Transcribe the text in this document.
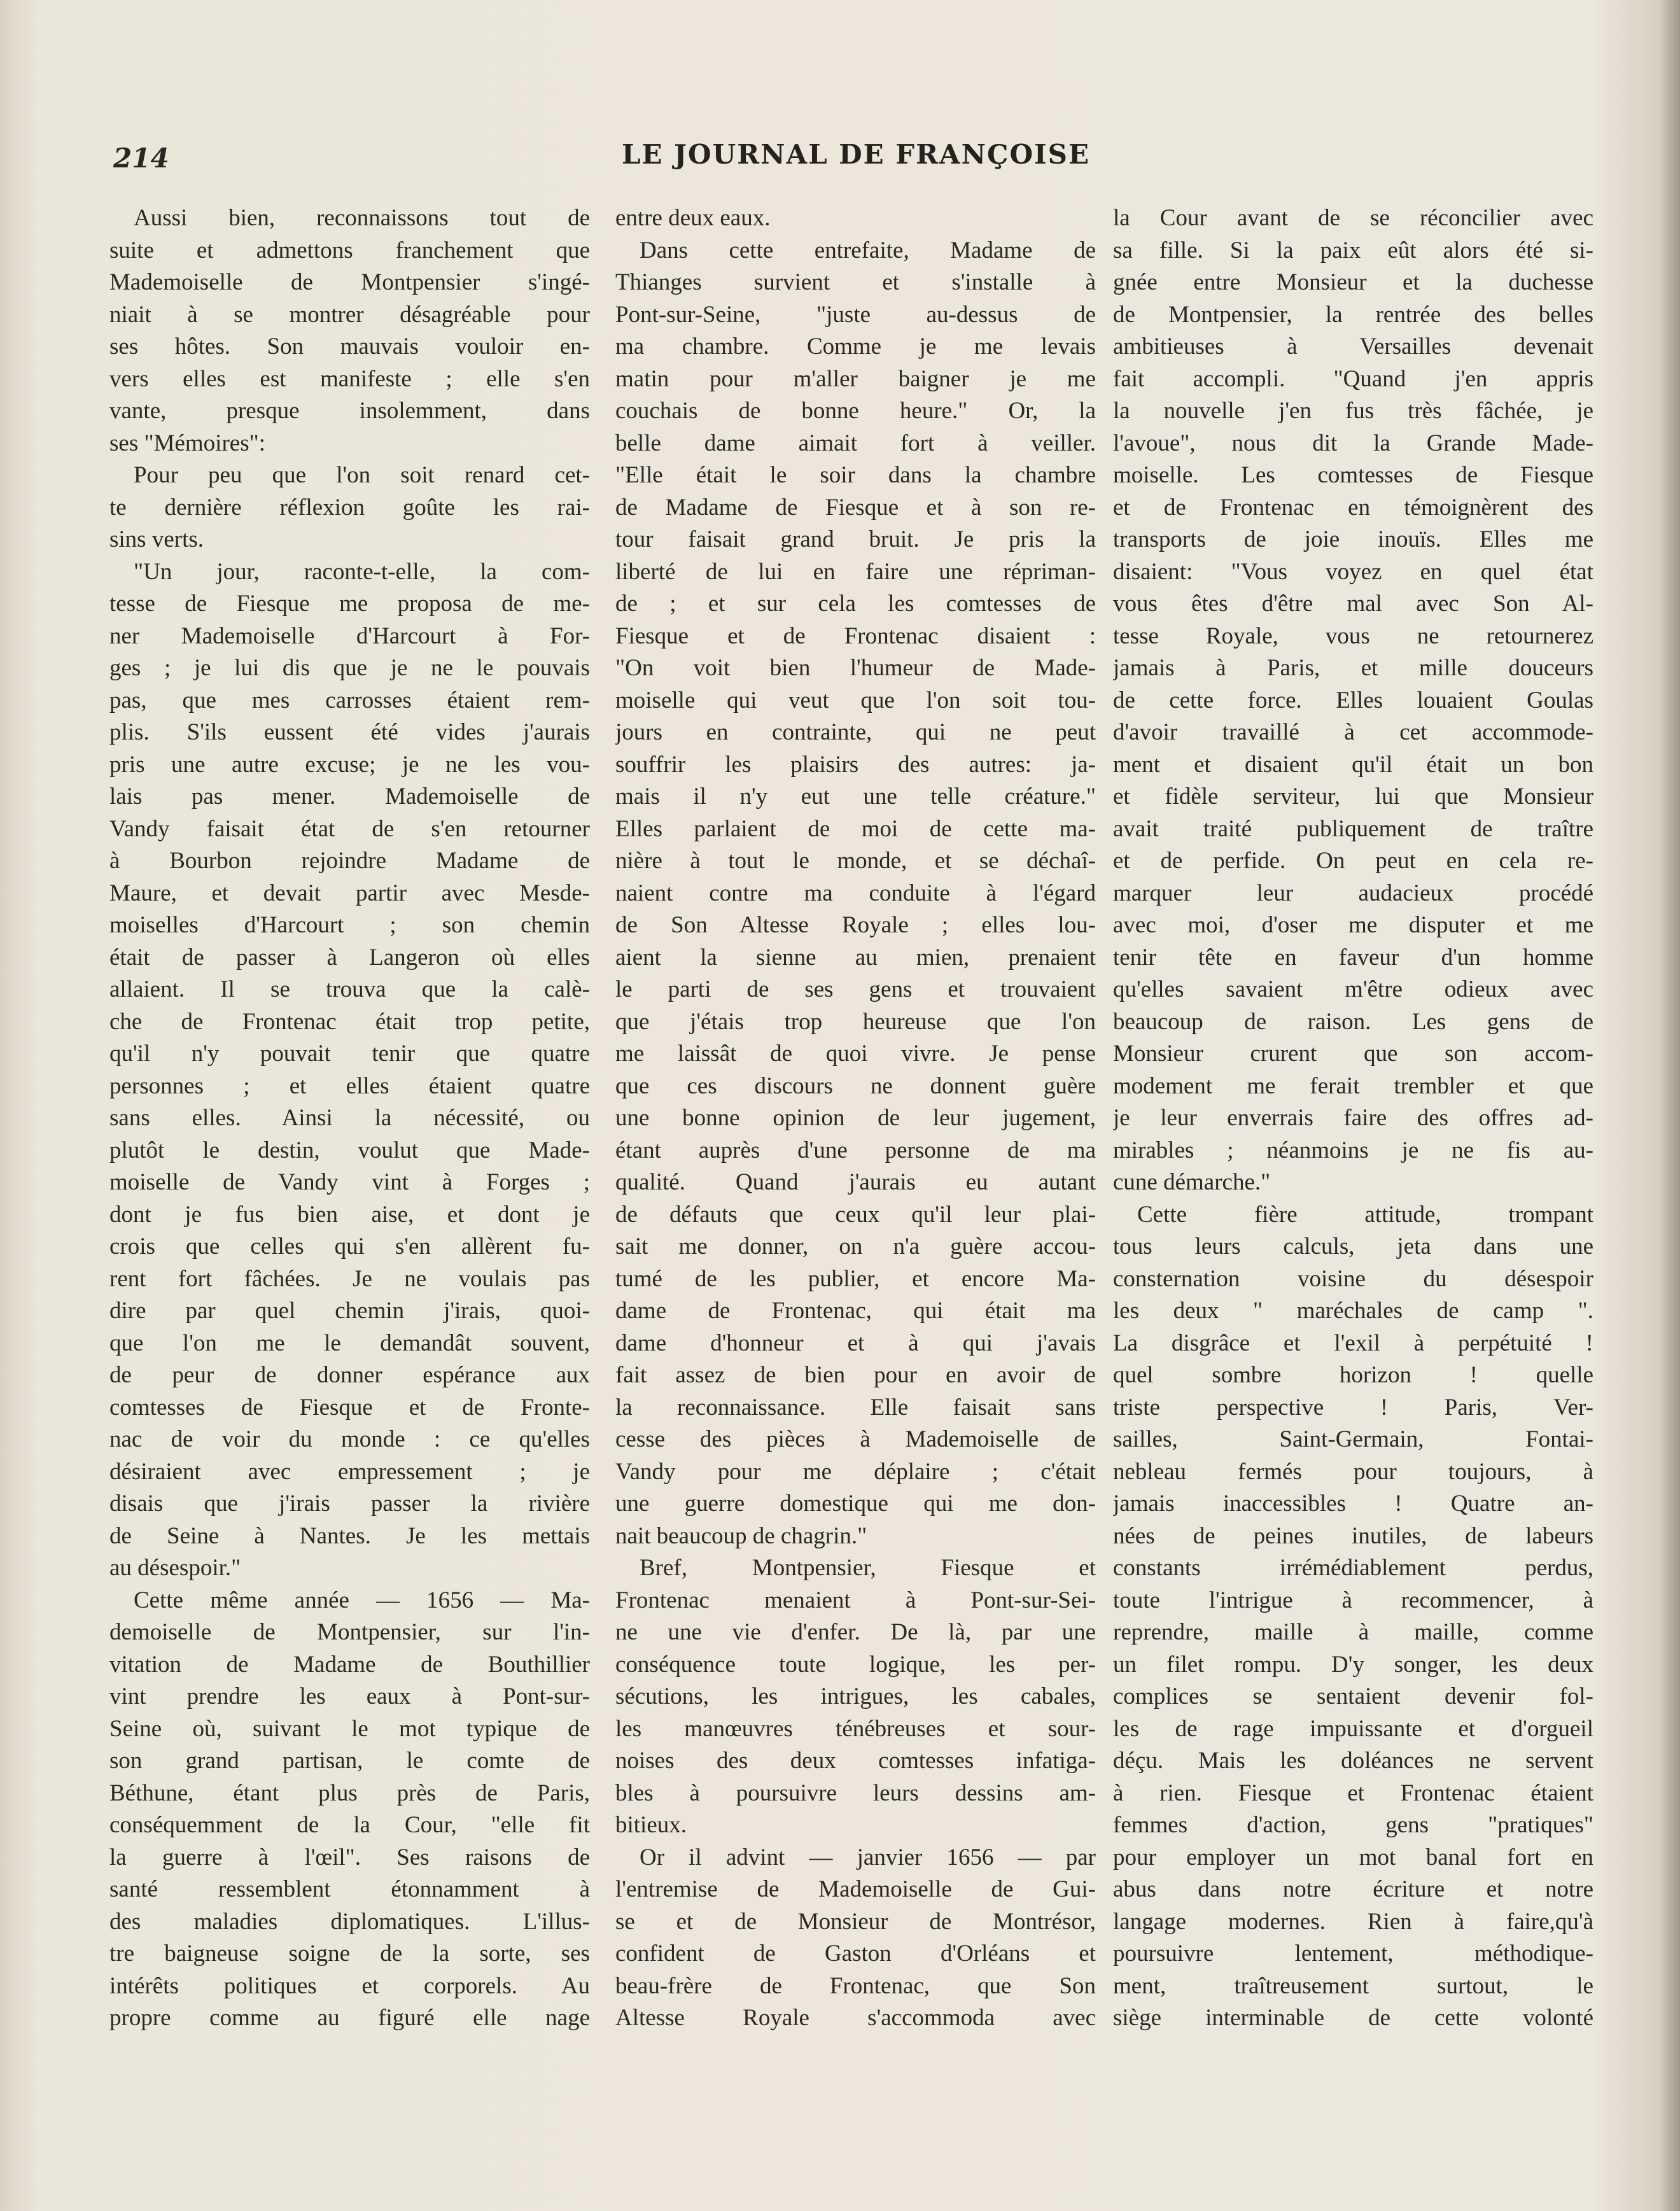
214	LE JOURNAL DE FRANÇOISE
Aussi bien, reconnaissons tout de
suite et admettons franchement que
Mademoiselle de Montpensier s'ingé-
niait à se montrer désagréable pour
ses hôtes. Son mauvais vouloir en-
vers elles est manifeste ; elle s'en
vante, presque insolemment, dans
ses "Mémoires":
Pour peu que l'on soit renard cet-
te dernière réflexion goûte les rai-
sins verts.
"Un jour, raconte-t-elle, la com-
tesse de Fiesque me proposa de me-
ner Mademoiselle d'Harcourt à For-
ges ; je lui dis que je ne le pouvais
pas, que mes carrosses étaient rem-
plis. S'ils eussent été vides j'aurais
pris une autre excuse; je ne les vou-
lais pas mener. Mademoiselle de
Vandy faisait état de s'en retourner
à Bourbon rejoindre Madame de
Maure, et devait partir avec Mesde-
moiselles d'Harcourt ; son chemin
était de passer à Langeron où elles
allaient. Il se trouva que la calè-
che de Frontenac était trop petite,
qu'il n'y pouvait tenir que quatre
personnes ; et elles étaient quatre
sans elles. Ainsi la nécessité, ou
plutôt le destin, voulut que Made-
moiselle de Vandy vint à Forges ;
dont je fus bien aise, et dont je
crois que celles qui s'en allèrent fu-
rent fort fâchées. Je ne voulais pas
dire par quel chemin j'irais, quoi-
que l'on me le demandât souvent,
de peur de donner espérance aux
comtesses de Fiesque et de Fronte-
nac de voir du monde : ce qu'elles
désiraient avec empressement ; je
disais que j'irais passer la rivière
de Seine à Nantes. Je les mettais
au désespoir."
Cette même année — 1656 — Ma-
demoiselle de Montpensier, sur l'in-
vitation de Madame de Bouthillier
vint prendre les eaux à Pont-sur-
Seine où, suivant le mot typique de
son grand partisan, le comte de
Béthune, étant plus près de Paris,
conséquemment de la Cour, "elle fit
la guerre à l'œil". Ses raisons de
santé ressemblent étonnamment à
des maladies diplomatiques. L'illus-
tre baigneuse soigne de la sorte, ses
intérêts politiques et corporels. Au
propre comme au figuré elle nage
entre deux eaux.
Dans cette entrefaite, Madame de
Thianges survient et s'installe à
Pont-sur-Seine, "juste au-dessus de
ma chambre. Comme je me levais
matin pour m'aller baigner je me
couchais de bonne heure." Or, la
belle dame aimait fort à veiller.
"Elle était le soir dans la chambre
de Madame de Fiesque et à son re-
tour faisait grand bruit. Je pris la
liberté de lui en faire une répriman-
de ; et sur cela les comtesses de
Fiesque et de Frontenac disaient :
"On voit bien l'humeur de Made-
moiselle qui veut que l'on soit tou-
jours en contrainte, qui ne peut
souffrir les plaisirs des autres: ja-
mais il n'y eut une telle créature."
Elles parlaient de moi de cette ma-
nière à tout le monde, et se déchaî-
naient contre ma conduite à l'égard
de Son Altesse Royale ; elles lou-
aient la sienne au mien, prenaient
le parti de ses gens et trouvaient
que j'étais trop heureuse que l'on
me laissât de quoi vivre. Je pense
que ces discours ne donnent guère
une bonne opinion de leur jugement,
étant auprès d'une personne de ma
qualité. Quand j'aurais eu autant
de défauts que ceux qu'il leur plai-
sait me donner, on n'a guère accou-
tumé de les publier, et encore Ma-
dame de Frontenac, qui était ma
dame d'honneur et à qui j'avais
fait assez de bien pour en avoir de
la reconnaissance. Elle faisait sans
cesse des pièces à Mademoiselle de
Vandy pour me déplaire ; c'était
une guerre domestique qui me don-
nait beaucoup de chagrin."
Bref, Montpensier, Fiesque et
Frontenac menaient à Pont-sur-Sei-
ne une vie d'enfer. De là, par une
conséquence toute logique, les per-
sécutions, les intrigues, les cabales,
les manœuvres ténébreuses et sour-
noises des deux comtesses infatiga-
bles à poursuivre leurs dessins am-
bitieux.
Or il advint — janvier 1656 — par
l'entremise de Mademoiselle de Gui-
se et de Monsieur de Montrésor,
confident de Gaston d'Orléans et
beau-frère de Frontenac, que Son
Altesse Royale s'accommoda avec
la Cour avant de se réconcilier avec
sa fille. Si la paix eût alors été si-
gnée entre Monsieur et la duchesse
de Montpensier, la rentrée des belles
ambitieuses à Versailles devenait
fait accompli. "Quand j'en appris
la nouvelle j'en fus très fâchée, je
l'avoue", nous dit la Grande Made-
moiselle. Les comtesses de Fiesque
et de Frontenac en témoignèrent des
transports de joie inouïs. Elles me
disaient: "Vous voyez en quel état
vous êtes d'être mal avec Son Al-
tesse Royale, vous ne retournerez
jamais à Paris, et mille douceurs
de cette force. Elles louaient Goulas
d'avoir travaillé à cet accommode-
ment et disaient qu'il était un bon
et fidèle serviteur, lui que Monsieur
avait traité publiquement de traître
et de perfide. On peut en cela re-
marquer leur audacieux procédé
avec moi, d'oser me disputer et me
tenir tête en faveur d'un homme
qu'elles savaient m'être odieux avec
beaucoup de raison. Les gens de
Monsieur crurent que son accom-
modement me ferait trembler et que
je leur enverrais faire des offres ad-
mirables ; néanmoins je ne fis au-
cune démarche."
Cette fière attitude, trompant
tous leurs calculs, jeta dans une
consternation voisine du désespoir
les deux " maréchales de camp ".
La disgrâce et l'exil à perpétuité !
quel sombre horizon ! quelle
triste perspective ! Paris, Ver-
sailles, Saint-Germain, Fontai-
nebleau fermés pour toujours, à
jamais inaccessibles ! Quatre an-
nées de peines inutiles, de labeurs
constants irrémédiablement perdus,
toute l'intrigue à recommencer, à
reprendre, maille à maille, comme
un filet rompu. D'y songer, les deux
complices se sentaient devenir fol-
les de rage impuissante et d'orgueil
déçu. Mais les doléances ne servent
à rien. Fiesque et Frontenac étaient
femmes d'action, gens "pratiques"
pour employer un mot banal fort en
abus dans notre écriture et notre
langage modernes. Rien à faire,qu'à
poursuivre lentement, méthodique-
ment, traîtreusement surtout, le
siège interminable de cette volonté
